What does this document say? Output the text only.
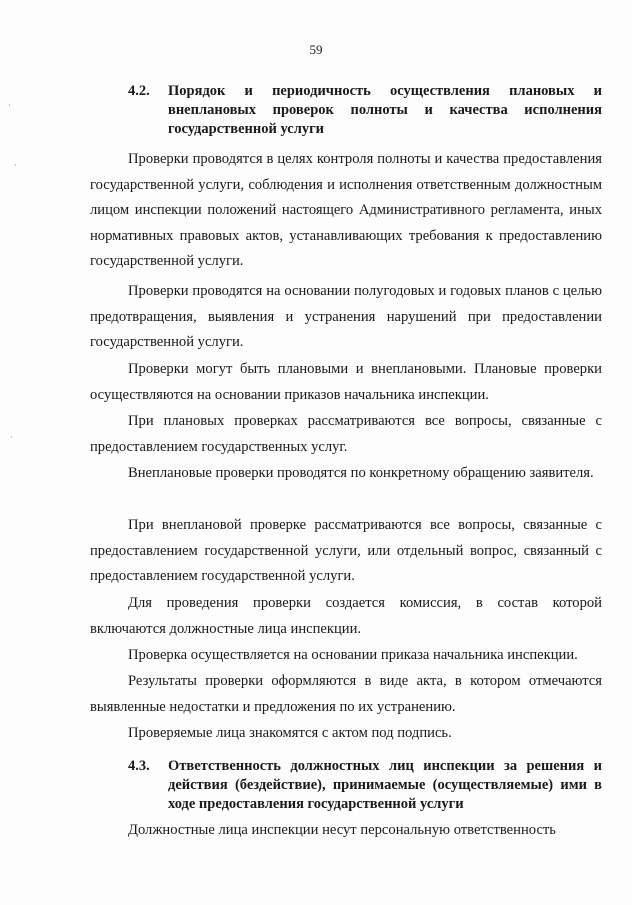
59
4.2. Порядок и периодичность осуществления плановых и внеплановых проверок полноты и качества исполнения государственной услуги

Проверки проводятся в целях контроля полноты и качества предоставления государственной услуги, соблюдения и исполнения ответственным должностным лицом инспекции положений настоящего Административного регламента, иных нормативных правовых актов, устанавливающих требования к предоставлению государственной услуги.

Проверки проводятся на основании полугодовых и годовых планов с целью предотвращения, выявления и устранения нарушений при предоставлении государственной услуги.

Проверки могут быть плановыми и внеплановыми. Плановые проверки осуществляются на основании приказов начальника инспекции.

При плановых проверках рассматриваются все вопросы, связанные с предоставлением государственных услуг.

Внеплановые проверки проводятся по конкретному обращению заявителя.

При внеплановой проверке рассматриваются все вопросы, связанные с предоставлением государственной услуги, или отдельный вопрос, связанный с предоставлением государственной услуги.

Для проведения проверки создается комиссия, в состав которой включаются должностные лица инспекции.

Проверка осуществляется на основании приказа начальника инспекции.

Результаты проверки оформляются в виде акта, в котором отмечаются выявленные недостатки и предложения по их устранению.

Проверяемые лица знакомятся с актом под подпись.

4.3. Ответственность должностных лиц инспекции за решения и действия (бездействие), принимаемые (осуществляемые) ими в ходе предоставления государственной услуги

Должностные лица инспекции несут персональную ответственность

·
·
·
